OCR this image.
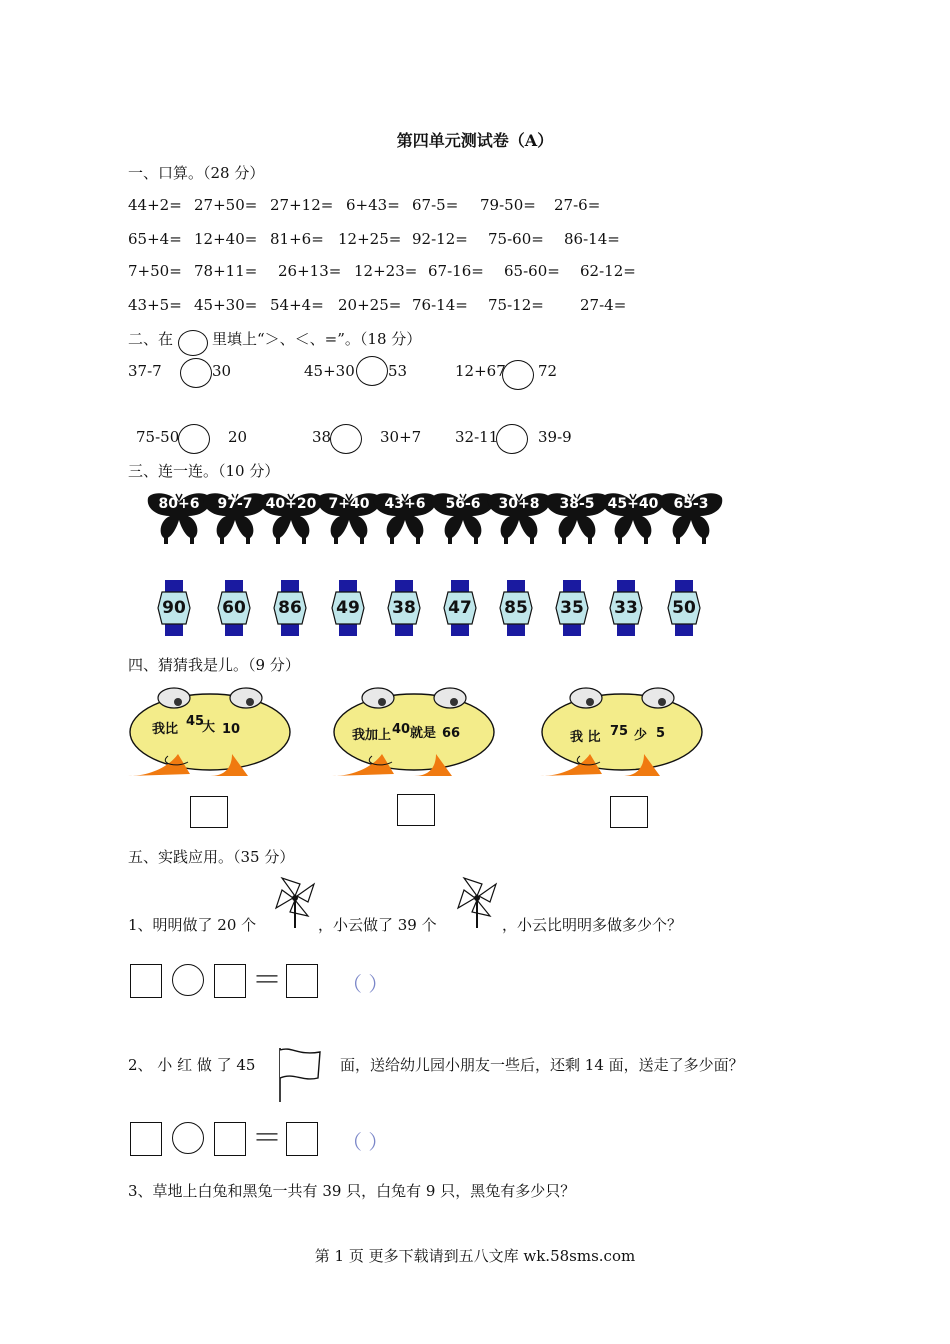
第四单元测试卷（A）
一、口算。（28 分）
44+2= 27+50= 27+12= 6+43= 67-5= 79-50= 27-6=
65+4= 12+40= 81+6= 12+25= 92-12= 75-60= 86-14=
7+50= 78+11= 26+13= 12+23= 67-16= 65-60= 62-12=
43+5= 45+30= 54+4= 20+25= 76-14= 75-12= 27-4=
二、在	里填上“＞、＜、=”。（18 分）
37-7	30	45+30 53	12+67 72
75-50	20	38	30+7 32-11	39-9
三、连一连。（10 分）
80+6	97-7 40+20 7+40	43+6	56-6	30+8	38-5 45+40	65-3
90	60	86	49	38	47	85	35	33	50
四、猜猜我是儿。（9 分）
我比
45
大 10	我加上 40 就是 66	我 比 75 少 5
五、实践应用。（35 分）
1、明明做了 20 个	，小云做了 39 个	，小云比明明多做多少个？
＝	（ ）
2、 小 红 做 了 45	面，送给幼儿园小朋友一些后，还剩 14 面，送走了多少面？
＝	（ ）
3、草地上白兔和黑兔一共有 39 只，白兔有 9 只，黑兔有多少只？
第 1 页 更多下载请到五八文库 wk.58sms.com
